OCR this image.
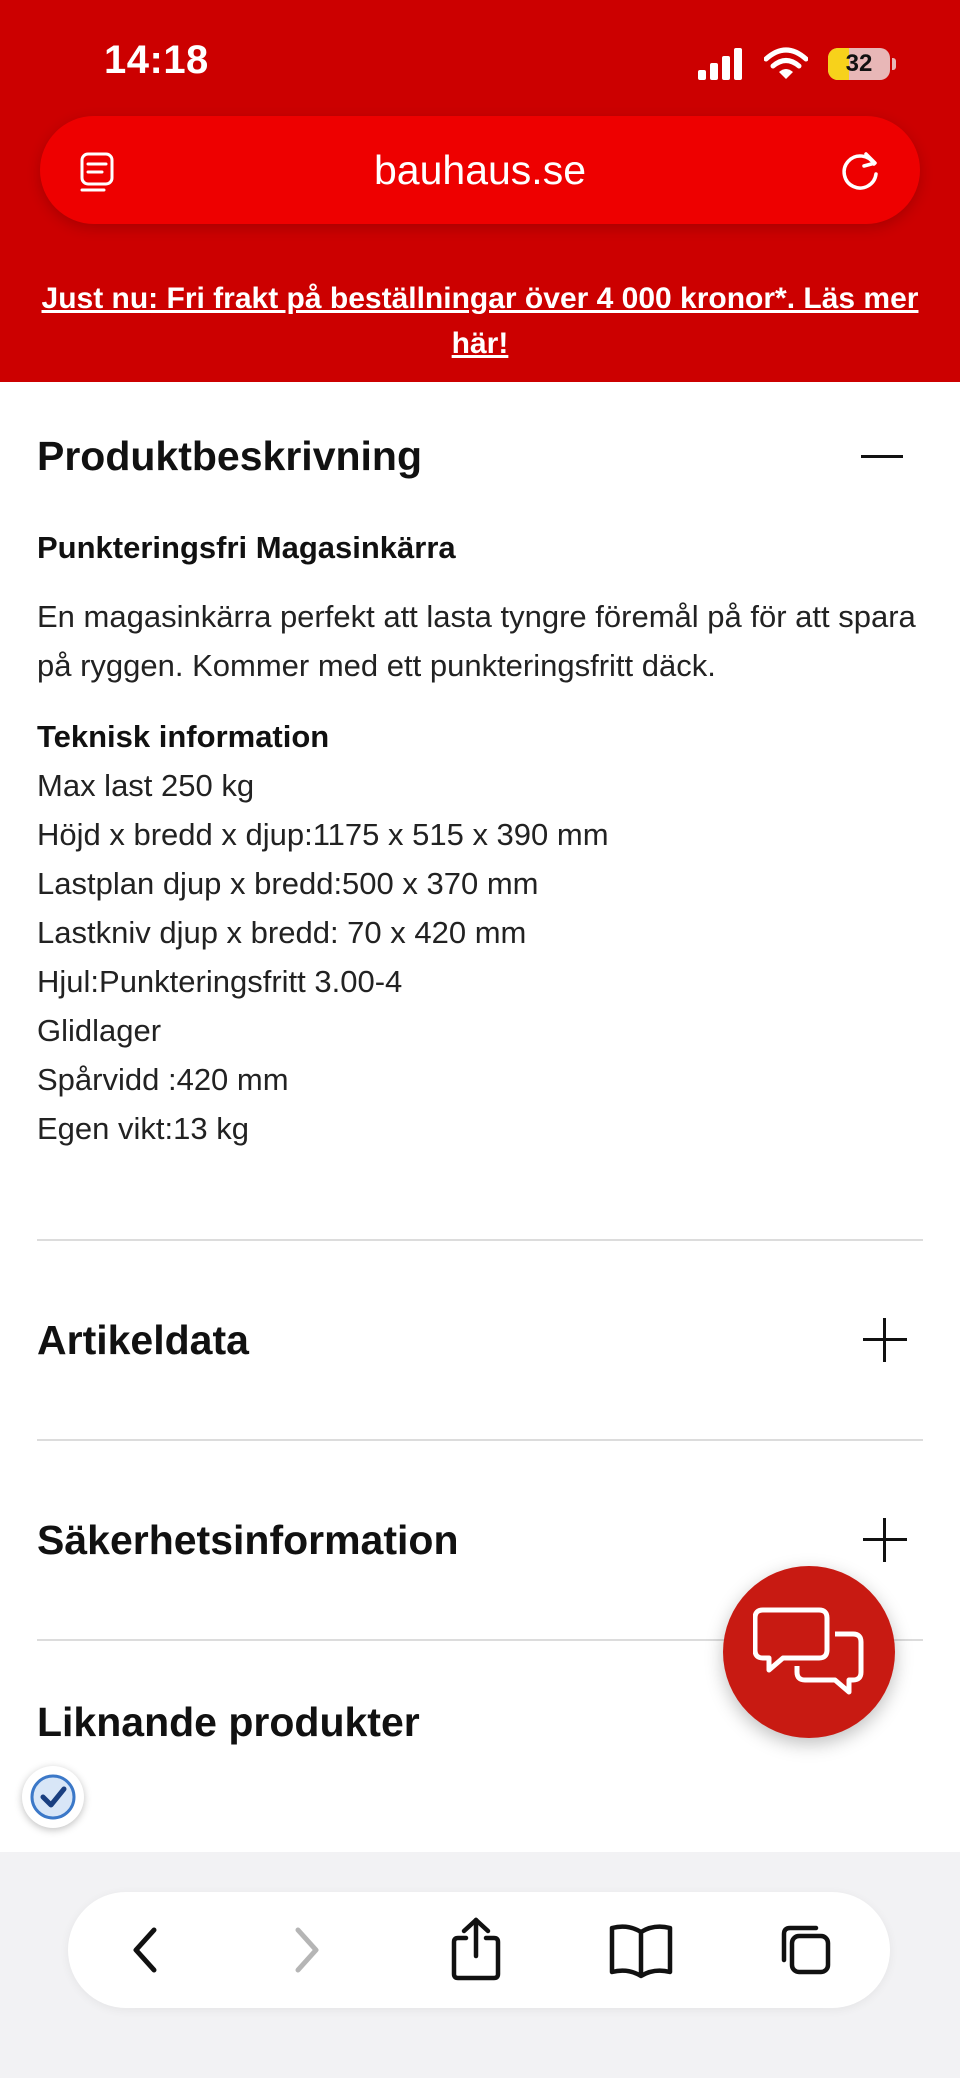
14:18	32
bauhaus.se
Just nu: Fri frakt på beställningar över 4 000 kronor*. Läs mer här!
Produktbeskrivning
Punkteringsfri Magasinkärra
En magasinkärra perfekt att lasta tyngre föremål på för att spara på ryggen. Kommer med ett punkteringsfritt däck.
Teknisk information
Max last 250 kg
Höjd x bredd x djup:1175 x 515 x 390 mm
Lastplan djup x bredd:500 x 370 mm
Lastkniv djup x bredd: 70 x 420 mm
Hjul:Punkteringsfritt 3.00-4
Glidlager
Spårvidd :420 mm
Egen vikt:13 kg
Artikeldata
Säkerhetsinformation
Liknande produkter
